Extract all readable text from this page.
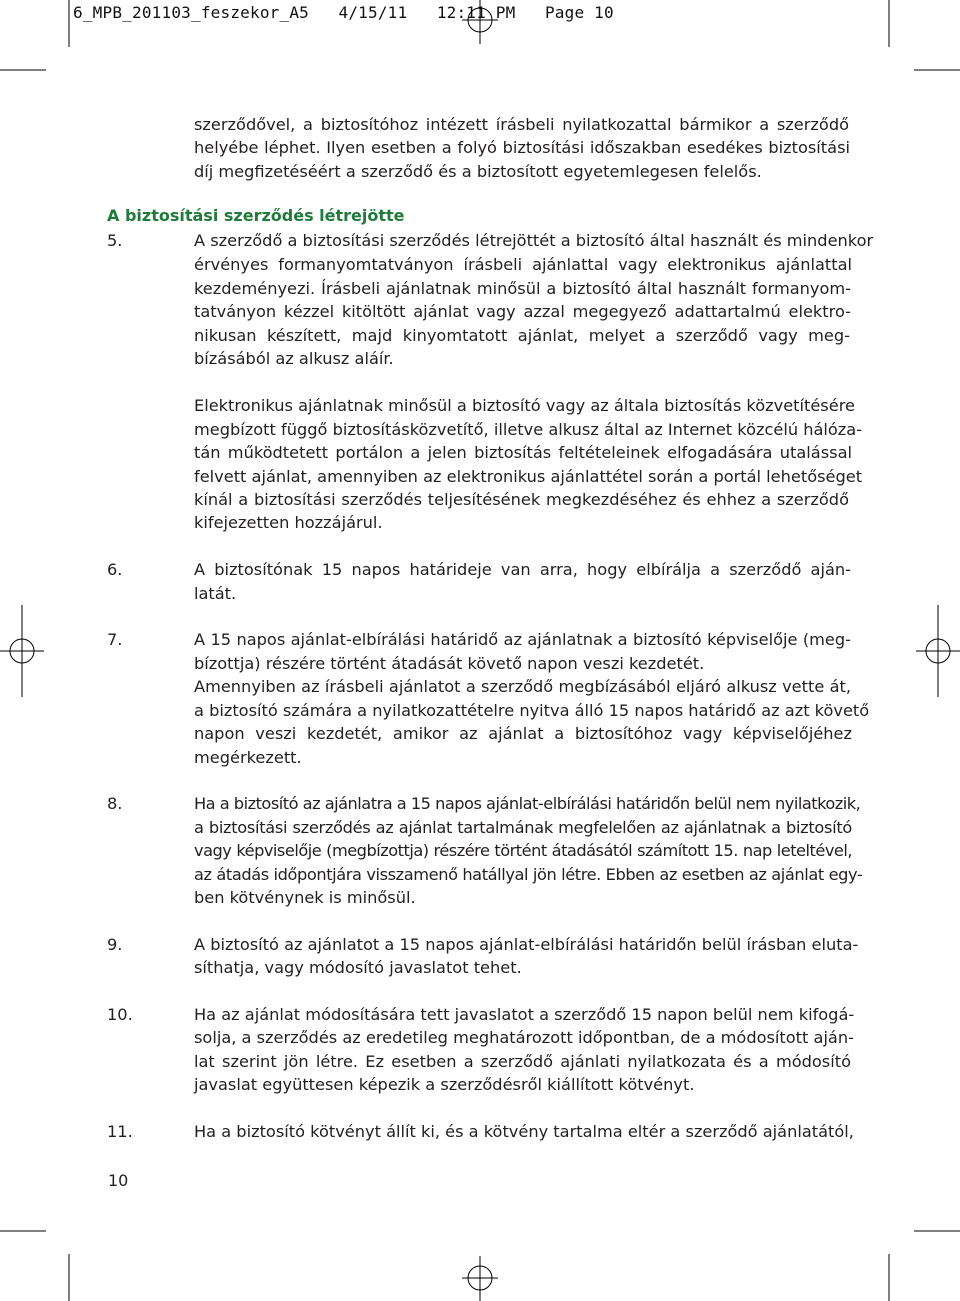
6_MPB_201103_feszekor_A5   4/15/11   12:11 PM   Page 10
szerződővel, a biztosítóhoz intézett írásbeli nyilatkozattal bármikor a szerződő
helyébe léphet. Ilyen esetben a folyó biztosítási időszakban esedékes biztosítási
díj megfizetéséért a szerződő és a biztosított egyetemlegesen felelős.
A biztosítási szerződés létrejötte
5.	A szerződő a biztosítási szerződés létrejöttét a biztosító által használt és mindenkor
érvényes formanyomtatványon írásbeli ajánlattal vagy elektronikus ajánlattal
kezdeményezi. Írásbeli ajánlatnak minősül a biztosító által használt formanyom-
tatványon kézzel kitöltött ajánlat vagy azzal megegyező adattartalmú elektro-
nikusan készített, majd kinyomtatott ajánlat, melyet a szerződő vagy meg-
bízásából az alkusz aláír.
Elektronikus ajánlatnak minősül a biztosító vagy az általa biztosítás közvetítésére
megbízott függő biztosításközvetítő, illetve alkusz által az Internet közcélú hálóza-
tán működtetett portálon a jelen biztosítás feltételeinek elfogadására utalással
felvett ajánlat, amennyiben az elektronikus ajánlattétel során a portál lehetőséget
kínál a biztosítási szerződés teljesítésének megkezdéséhez és ehhez a szerződő
kifejezetten hozzájárul.
6.	A biztosítónak 15 napos határideje van arra, hogy elbírálja a szerződő aján-
latát.
7.	A 15 napos ajánlat-elbírálási határidő az ajánlatnak a biztosító képviselője (meg-
bízottja) részére történt átadását követő napon veszi kezdetét.
Amennyiben az írásbeli ajánlatot a szerződő megbízásából eljáró alkusz vette át,
a biztosító számára a nyilatkozattételre nyitva álló 15 napos határidő az azt követő
napon veszi kezdetét, amikor az ajánlat a biztosítóhoz vagy képviselőjéhez
megérkezett.
8.	Ha a biztosító az ajánlatra a 15 napos ajánlat-elbírálási határidőn belül nem nyilatkozik,
a biztosítási szerződés az ajánlat tartalmának megfelelően az ajánlatnak a biztosító
vagy képviselője (megbízottja) részére történt átadásától számított 15. nap leteltével,
az átadás időpontjára visszamenő hatállyal jön létre. Ebben az esetben az ajánlat egy-
ben kötvénynek is minősül.
9.	A biztosító az ajánlatot a 15 napos ajánlat-elbírálási határidőn belül írásban eluta-
síthatja, vagy módosító javaslatot tehet.
10.	Ha az ajánlat módosítására tett javaslatot a szerződő 15 napon belül nem kifogá-
solja, a szerződés az eredetileg meghatározott időpontban, de a módosított aján-
lat szerint jön létre. Ez esetben a szerződő ajánlati nyilatkozata és a módosító
javaslat együttesen képezik a szerződésről kiállított kötvényt.
11.	Ha a biztosító kötvényt állít ki, és a kötvény tartalma eltér a szerződő ajánlatától,
10
